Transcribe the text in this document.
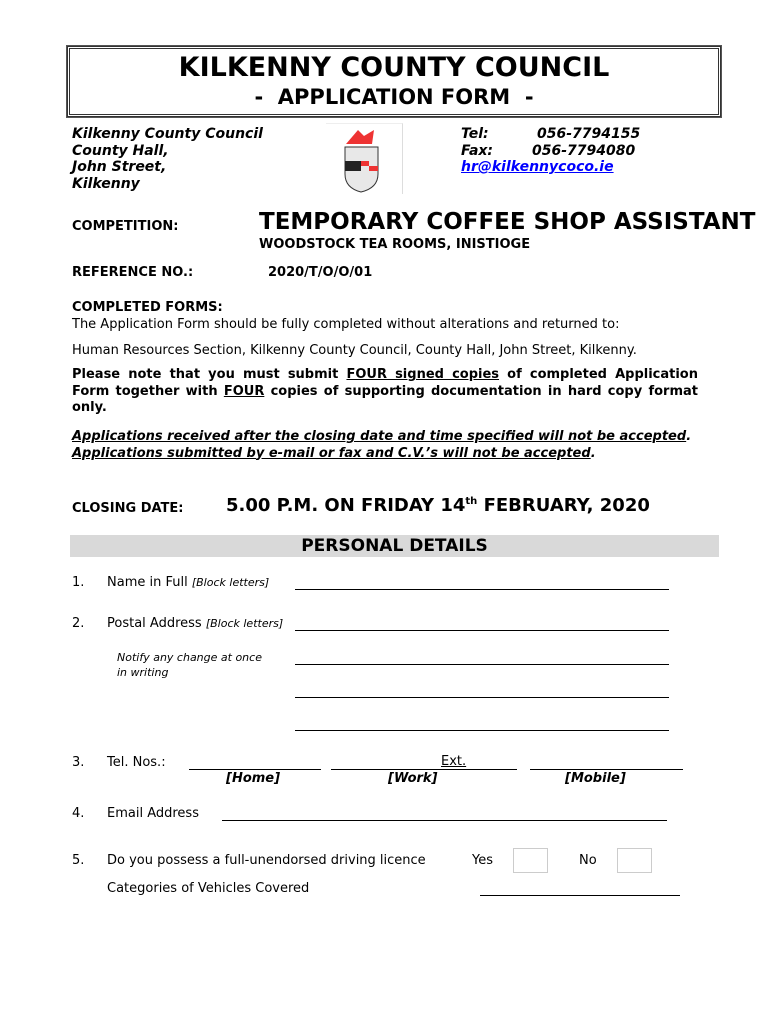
KILKENNY COUNTY COUNCIL
-  APPLICATION FORM  -
Kilkenny County Council
County Hall,
John Street,
Kilkenny
Tel:	056-7794155
Fax:	056-7794080
hr@kilkennycoco.ie
COMPETITION:	TEMPORARY COFFEE SHOP ASSISTANT
WOODSTOCK TEA ROOMS, INISTIOGE
REFERENCE NO.:	2020/T/O/O/01
COMPLETED FORMS:
The Application Form should be fully completed without alterations and returned to:
Human Resources Section, Kilkenny County Council, County Hall, John Street, Kilkenny.
Please note that you must submit FOUR signed copies of completed Application Form together with FOUR copies of supporting documentation in hard copy format only.
Applications received after the closing date and time specified will not be accepted.
Applications submitted by e-mail or fax and C.V.’s will not be accepted.
CLOSING DATE: 5.00 P.M. ON FRIDAY 14th FEBRUARY, 2020
PERSONAL DETAILS
1. Name in Full [Block letters]
2. Postal Address [Block letters]
Notify any change at once
in writing
3. Tel. Nos.:	Ext.
[Home]	[Work]	[Mobile]
4. Email Address
5. Do you possess a full-unendorsed driving licence	Yes	No
Categories of Vehicles Covered
